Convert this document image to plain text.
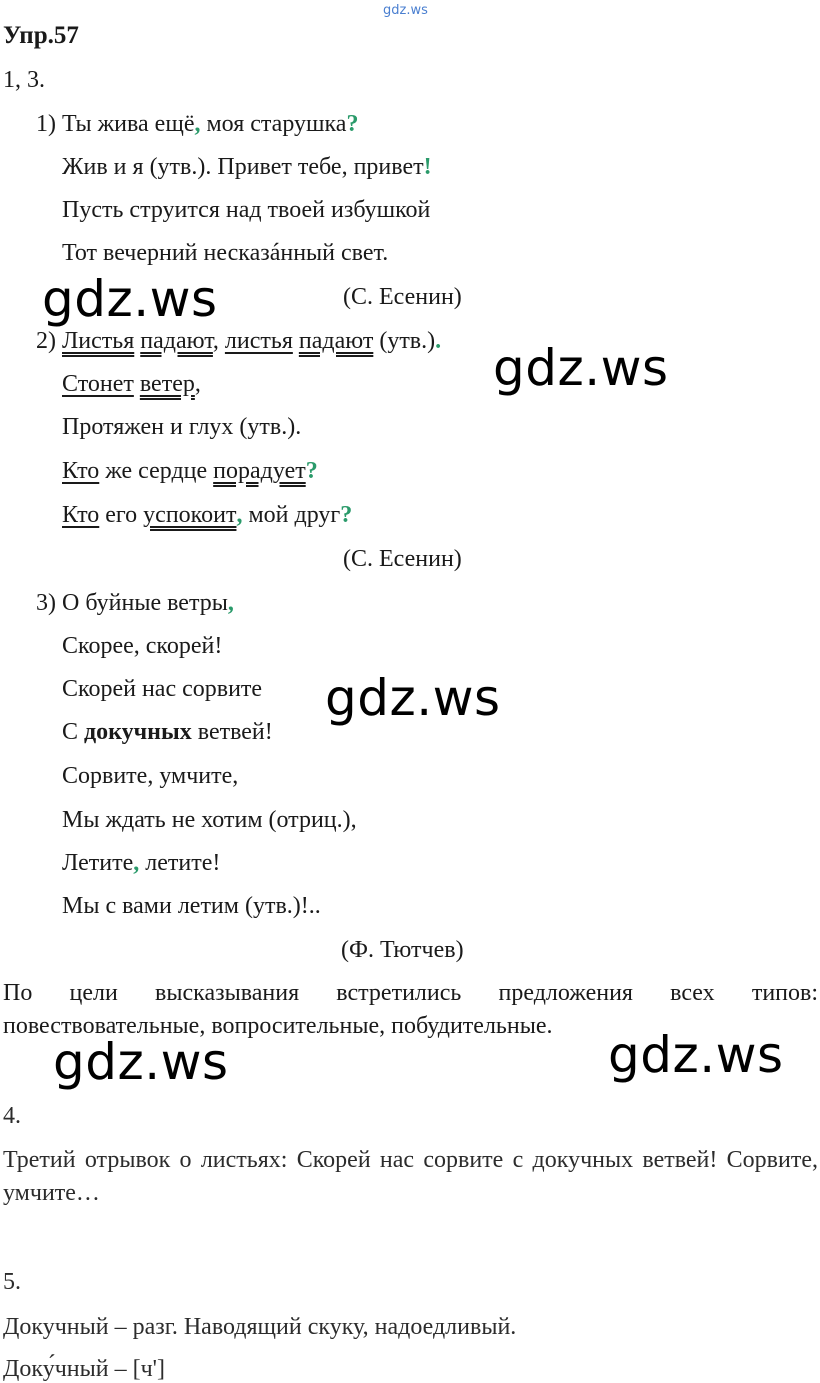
gdz.ws
Упр.57
1, 3.
1) Ты жива ещё, моя старушка?
Жив и я (утв.). Привет тебе, привет!
Пусть струится над твоей избушкой
Тот вечерний несказáнный свет.
(С. Есенин)
2) Листья падают, листья падают (утв.).
Стонет ветер,
Протяжен и глух (утв.).
Кто же сердце порадует?
Кто его успокоит, мой друг?
(С. Есенин)
3) О буйные ветры,
Скорее, скорей!
Скорей нас сорвите
С докучных ветвей!
Сорвите, умчите,
Мы ждать не хотим (отриц.),
Летите, летите!
Мы с вами летим (утв.)!..
(Ф. Тютчев)
По цели высказывания встретились предложения всех типов: повествовательные, вопросительные, побудительные.
4.
Третий отрывок о листьях: Скорей нас сорвите с докучных ветвей! Сорвите, умчите…
5.
Докучный – разг. Наводящий скуку, надоедливый.
Доку́чный – [ч']
gdz.ws
gdz.ws
gdz.ws
gdz.ws	gdz.ws
